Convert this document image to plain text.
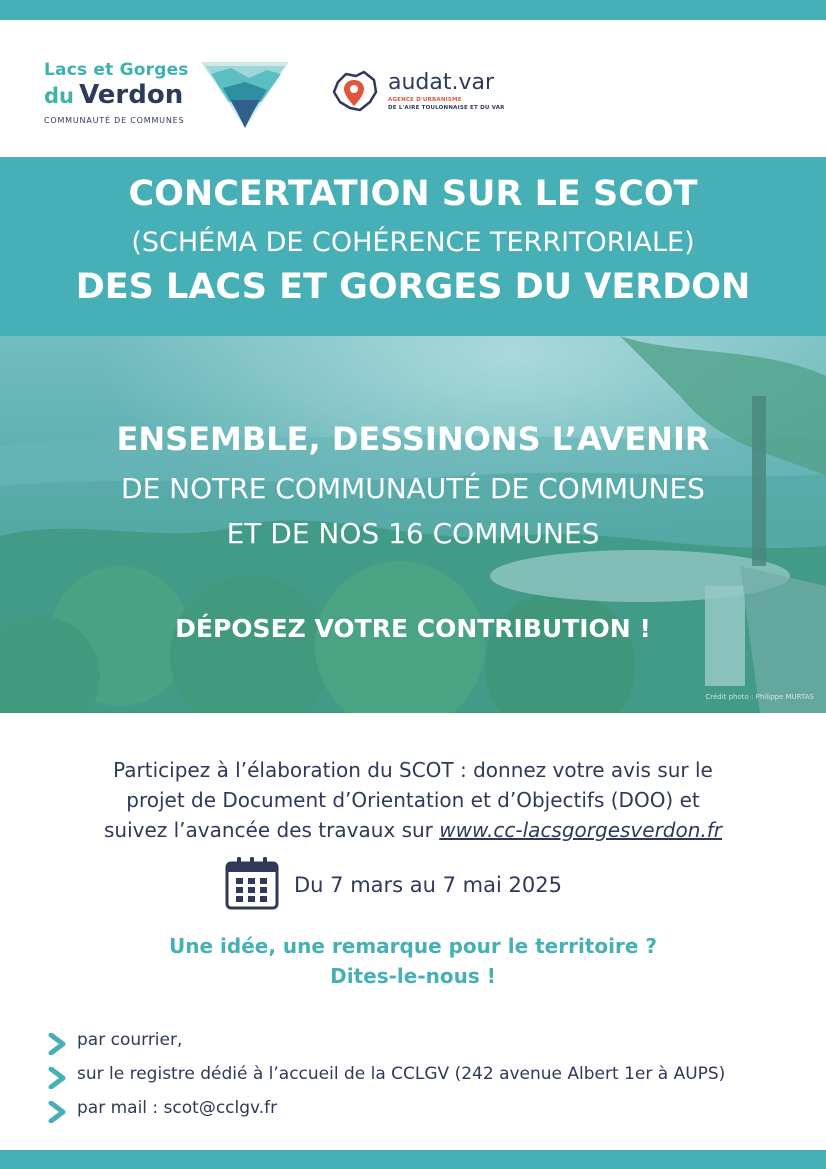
Lacs et Gorges
du Verdon
COMMUNAUTÉ DE COMMUNES
audat.var
AGENCE D'URBANISME
DE L'AIRE TOULONNAISE ET DU VAR
CONCERTATION SUR LE SCOT
(SCHÉMA DE COHÉRENCE TERRITORIALE)
DES LACS ET GORGES DU VERDON
ENSEMBLE, DESSINONS L’AVENIR
DE NOTRE COMMUNAUTÉ DE COMMUNES
ET DE NOS 16 COMMUNES
DÉPOSEZ VOTRE CONTRIBUTION !
Crédit photo : Philippe MURTAS
Participez à l’élaboration du SCOT : donnez votre avis sur le
projet de Document d’Orientation et d’Objectifs (DOO) et
suivez l’avancée des travaux sur www.cc-lacsgorgesverdon.fr
Du 7 mars au 7 mai 2025
Une idée, une remarque pour le territoire ?
Dites-le-nous !
par courrier,
sur le registre dédié à l’accueil de la CCLGV (242 avenue Albert 1er à AUPS)
par mail : scot@cclgv.fr
